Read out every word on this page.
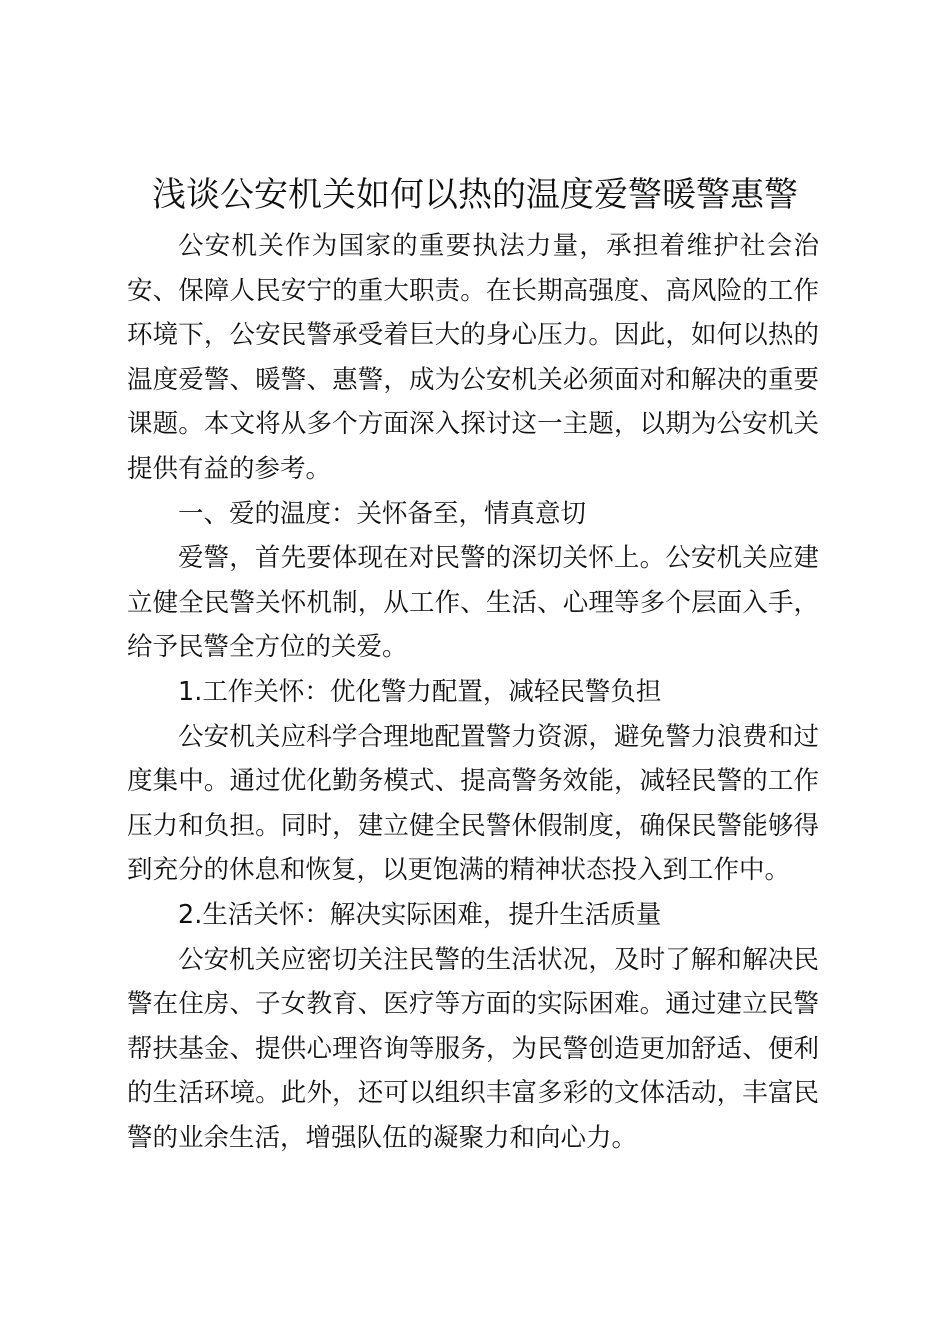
浅谈公安机关如何以热的温度爱警暖警惠警

公安机关作为国家的重要执法力量，承担着维护社会治安、保障人民安宁的重大职责。在长期高强度、高风险的工作环境下，公安民警承受着巨大的身心压力。因此，如何以热的温度爱警、暖警、惠警，成为公安机关必须面对和解决的重要课题。本文将从多个方面深入探讨这一主题，以期为公安机关提供有益的参考。

一、爱的温度：关怀备至，情真意切

爱警，首先要体现在对民警的深切关怀上。公安机关应建立健全民警关怀机制，从工作、生活、心理等多个层面入手，给予民警全方位的关爱。

1.工作关怀：优化警力配置，减轻民警负担

公安机关应科学合理地配置警力资源，避免警力浪费和过度集中。通过优化勤务模式、提高警务效能，减轻民警的工作压力和负担。同时，建立健全民警休假制度，确保民警能够得到充分的休息和恢复，以更饱满的精神状态投入到工作中。

2.生活关怀：解决实际困难，提升生活质量

公安机关应密切关注民警的生活状况，及时了解和解决民警在住房、子女教育、医疗等方面的实际困难。通过建立民警帮扶基金、提供心理咨询等服务，为民警创造更加舒适、便利的生活环境。此外，还可以组织丰富多彩的文体活动，丰富民警的业余生活，增强队伍的凝聚力和向心力。
